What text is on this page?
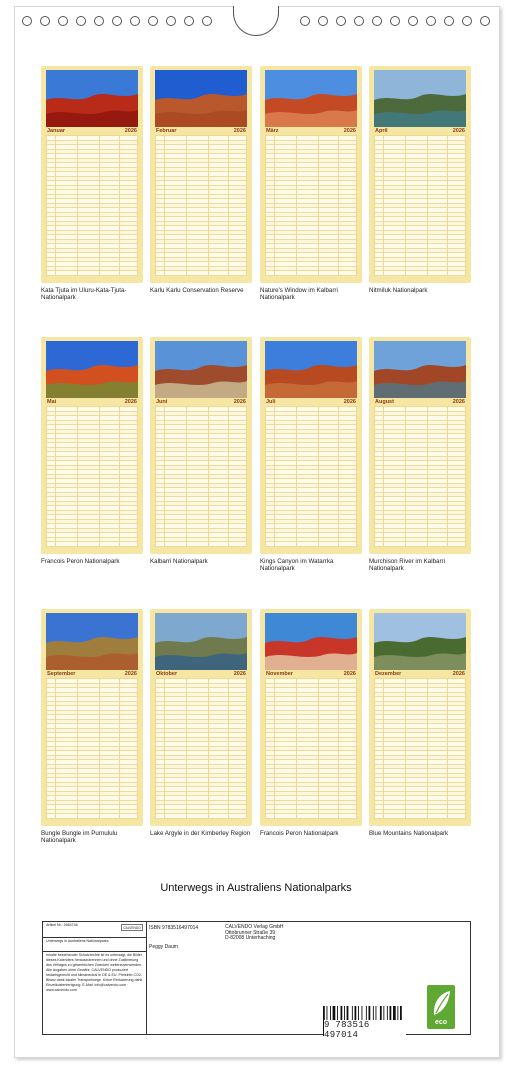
Januar	2026
Kata Tjuta im Uluru-Kata-Tjuta-Nationalpark
Februar	2026
Karlu Karlu Conservation Reserve
März	2026
Nature's Window im Kalbarri Nationalpark
April	2026
Nitmiluk Nationalpark
Mai	2026
Francois Peron Nationalpark
Juni	2026
Kalbarri Nationalpark
Juli	2026
Kings Canyon im Watarrka Nationalpark
August	2026
Murchison River im Kalbarri Nationalpark
September	2026
Bungle Bungle im Purnululu Nationalpark
Oktober	2026
Lake Argyle in der Kimberley Region
November	2026
Francois Peron Nationalpark
Dezember	2026
Blue Mountains Nationalpark
Unterwegs in Australiens Nationalparks
Artikel Nr.: 2664746
CALVENDO
Unterwegs in Australiens Nationalparks
Inhalte bestehender Schutzrechte ist es untersagt, die Bilder dieses Kalenders herauszutrennen und ohne Zustimmung des Verlages zu gewerblichen Zwecken weiterzuverwenden. Alle Angaben ohne Gewähr. CALVENDO produziert bedarfsgerecht und klimaneutral in DE & EU. Preisinfo CO2-Bilanz dank lokaler Transportwege. Keine Reduzierung dank Einzelkostenfertigung. E-Mail: info@calvendo.com · www.calvendo.com
ISBN 9783516497014
Peggy Daum
CALVENDO Verlag GmbH
Ottobrunner Straße 39
D-82008 Unterhaching
9 783516 497014
eco
